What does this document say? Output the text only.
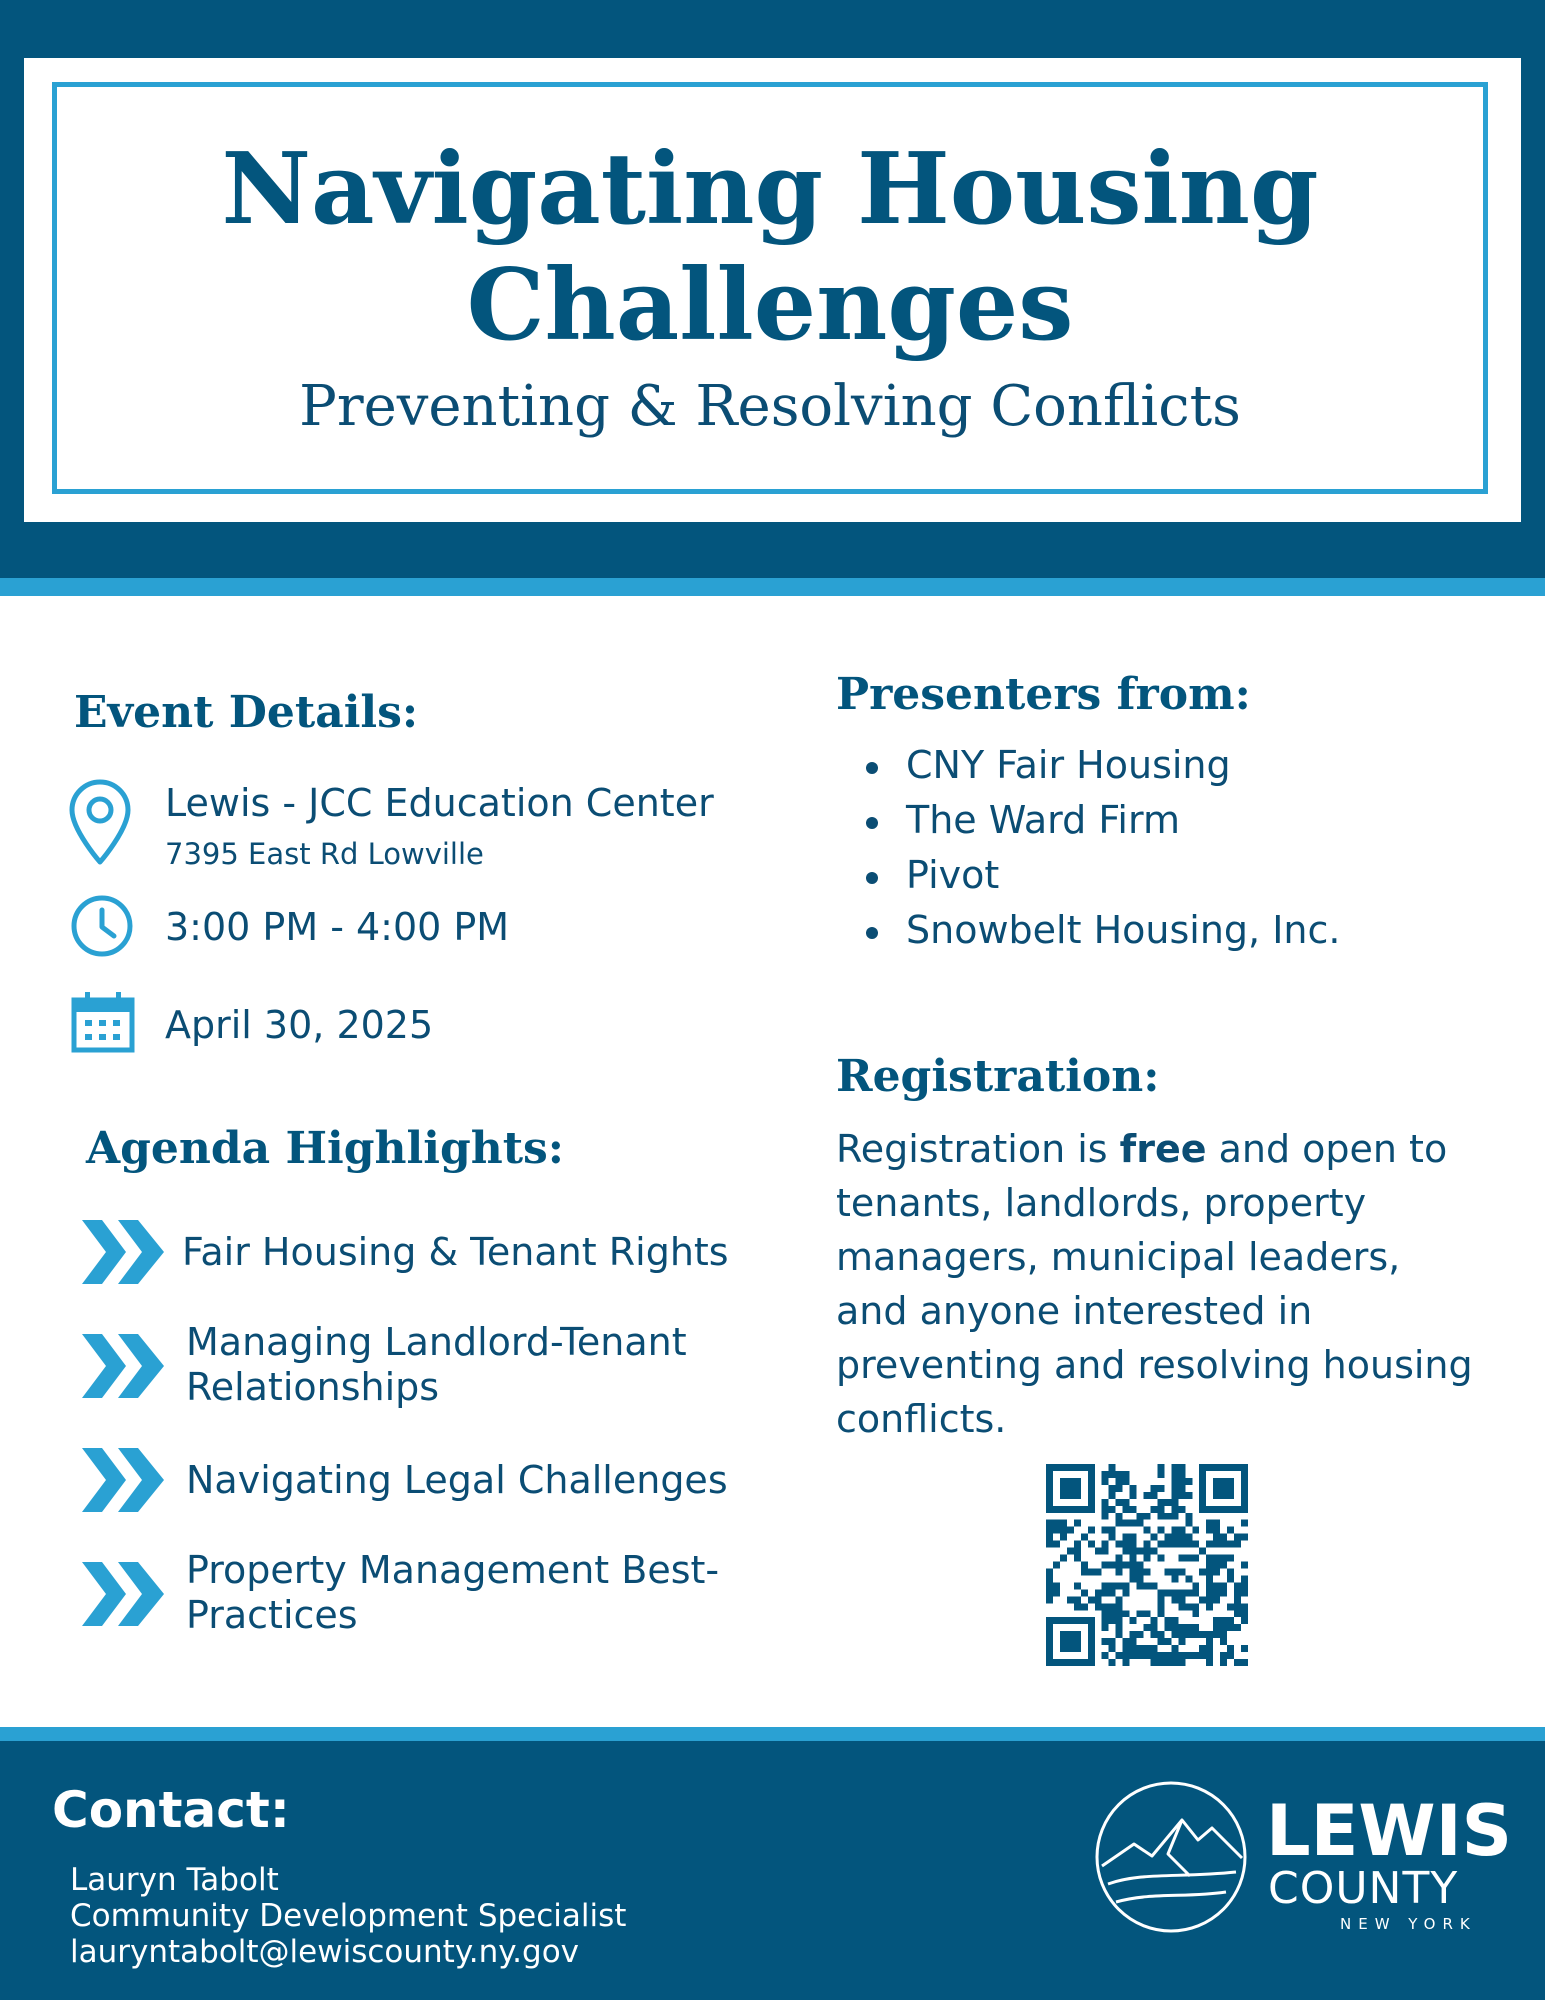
Navigating Housing
Challenges

Preventing & Resolving Conflicts

Event Details:

Lewis - JCC Education Center

7395 East Rd Lowville

3:00 PM - 4:00 PM

April 30, 2025

Agenda Highlights:

Fair Housing & Tenant Rights

Managing Landlord-Tenant
Relationships

Navigating Legal Challenges

Property Management Best-
Practices

Presenters from:
CNY Fair Housing
The Ward Firm
Pivot
Snowbelt Housing, Inc.
Registration:

Registration is free and open to tenants, landlords, property managers, municipal leaders, and anyone interested in preventing and resolving housing conflicts.

Contact:

Lauryn Tabolt

Community Development Specialist

lauryntabolt@lewiscounty.ny.gov

LEWIS

COUNTY

NEW YORK
